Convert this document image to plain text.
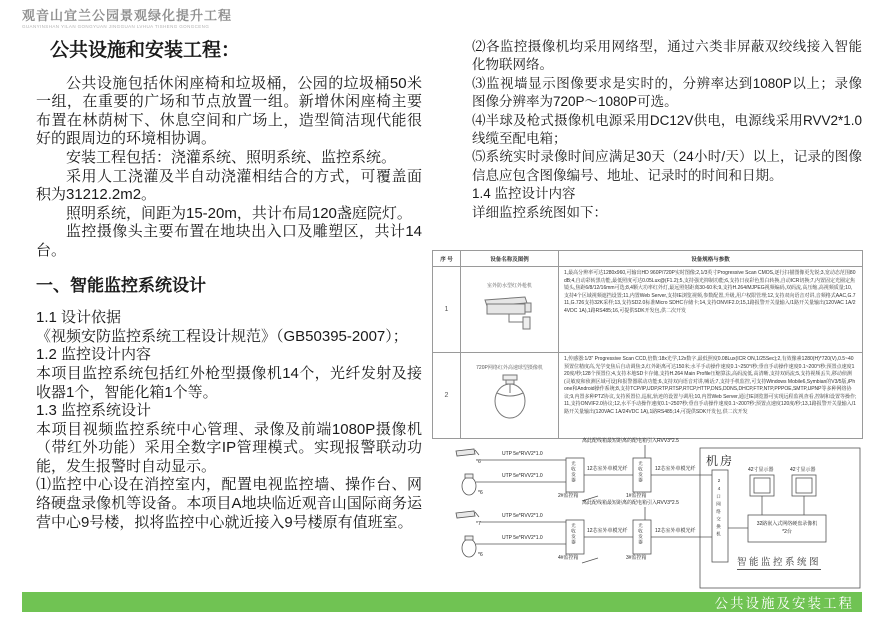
观音山宜兰公园景观绿化提升工程
GUANYINSHAN YILAN GONGYUAN JINGGUAN LVHUA TISHENG GONGCENG

公共设施和安装工程：

公共设施包括休闲座椅和垃圾桶，公园的垃圾桶50米一组，在重要的广场和节点放置一组。新增休闲座椅主要布置在林荫树下、休息空间和广场上，造型简洁现代能很好的跟周边的环境相协调。

安装工程包括：浇灌系统、照明系统、监控系统。

采用人工浇灌及半自动浇灌相结合的方式，可覆盖面积为31212.2m2。

照明系统，间距为15-20m，共计布局120盏庭院灯。

监控摄像头主要布置在地块出入口及雕塑区，共计14台。

一、智能监控系统设计

1.1 设计依据

《视频安防监控系统工程设计规范》（GB50395-2007）；

1.2 监控设计内容

本项目监控系统包括红外枪型摄像机14个，光纤发射及接收器1个，智能化箱1个等。

1.3 监控系统设计

本项目视频监控系统中心管理、录像及前端1080P摄像机（带红外功能）采用全数字IP管理模式。实现报警联动功能，发生报警时自动显示。

⑴监控中心设在消控室内，配置电视监控墙、操作台、网络硬盘录像机等设备。本项目A地块临近观音山国际商务运营中心9号楼，拟将监控中心就近接入9号楼原有值班室。

⑵各监控摄像机均采用网络型，通过六类非屏蔽双绞线接入智能化物联网络。

⑶监视墙显示图像要求是实时的，分辨率达到1080P以上；录像图像分辨率为720P～1080P可选。

⑷半球及枪式摄像机电源采用DC12V供电，电源线采用RVV2*1.0线缆至配电箱；

⑸系统实时录像时间应满足30天（24小时/天）以上，记录的图像信息应包含图像编号、地址、记录时的时间和日期。

1.4 监控设计内容

详细监控系统图如下：

序 号	设备名称及图例	设备规格与参数
1	室外防水型红外枪机	1,最高分辨率可达1280x960,可输出HD 960P/720P实时图像;2,1/3英寸Progressive Scan CMOS,逐行扫描图像更先锐;3,宽动态范围80dB;4,自动彩转黑功能,最低照度可达0.05Lux@(F1.2);5,支持强光抑制功能;6,支持日夜彩色黑白转换,自动ICR切换;7,内置固定光圈定焦镜头,焦距6/8/12/16mm可选;8,4颗大功率红外灯,最远照射距离30-60米;9,支持H.264/MJPEG视频编码,双码流,高压缩,高视频质量;10,支持4个区域视频遮挡设置;11,内置Web Server,支持IE浏览视频,参数配置,升级,用户权限管理;12,支持双向语音对讲,音频格式AAC,G.711,G.726支持32K采样;13,支持SD2.0标准Micro SDHC存储卡;14,支持ONVIF2.0;15,1路报警开关量输入/1路开关量输出(120VAC 1A/24VDC 1A),1路RS485;16,可提供SDK开发包,供二次开发

2	720P网络红外高速球型摄像机	1,传感器:1/3" Progressive Scan CCD,倍数:18x光学,12x数字,最低照度0.08Lux(ICR ON,1/25Sec);2,有效像素1280(H)*720(V),0.5~40预置位精度高,光学变焦后自动调焦;3,红外距离可达150米;水平手动操作速度0.1~250°/秒;垂直手动操作速度0.1~200°/秒;预置点速度120度/秒;128个预置位;4,支持本地SD卡存储,支持H.264 Main Profile压缩算法,高码流低,高清晰,支持双码流;5,支持视频丢失,移动侦测(灵敏度和侦测区域可设)和报警器联动功能;6,支持双向语音对讲,喊话;7,支持手机监控,可支持Windows Mobile6,Symbian的V3/5版,iPhone和Android操作系统;8,支持TCP/IP,UDP,RTP,RTSP,RTCP,HTTP,DNS,DDNS,DHCP,FTP,NTP,PPPOE,SMTP,UPNP等多种网络协议;9,内置多种PTZ协议,支持预置位,巡航,轨迹的设置与调用;10,内置Web Server,通过IE浏览器可实现远程监视查看,控制和设置等操作;11,支持ONVIF2.0协议;12,水平手动操作速度0.1~250?秒;垂直手动操作速度0.1~200?秒;预置点速度120度/秒;13,1路报警开关量输入/1路开关量输出(120VAC 1A/24VDC 1A),1路RS485;14,可提供SDK开发包,供二次开发
离此配线箱最短距离的配电箱引入RVV3*2.5
UTP 5e*RVV2*1.0
UTP 5e*RVV2*1.0
*6
*6
光收发器
2#监控箱
12芯室外单模光纤 光收发器
1#监控箱
12芯室外单模光纤
离此配线箱最短距离的配电箱引入RVV3*2.5
UTP 5e*RVV2*1.0
UTP 5e*RVV2*1.0
*7
*6
光收发器
4#监控箱
12芯室外单模光纤 光收发器
3#监控箱
12芯室外单模光纤
机房
24口网络交换机
42寸显示器	42寸显示器
32路嵌入式网络硬盘录像机
*2台
智能监控系统图
公共设施及安装工程
